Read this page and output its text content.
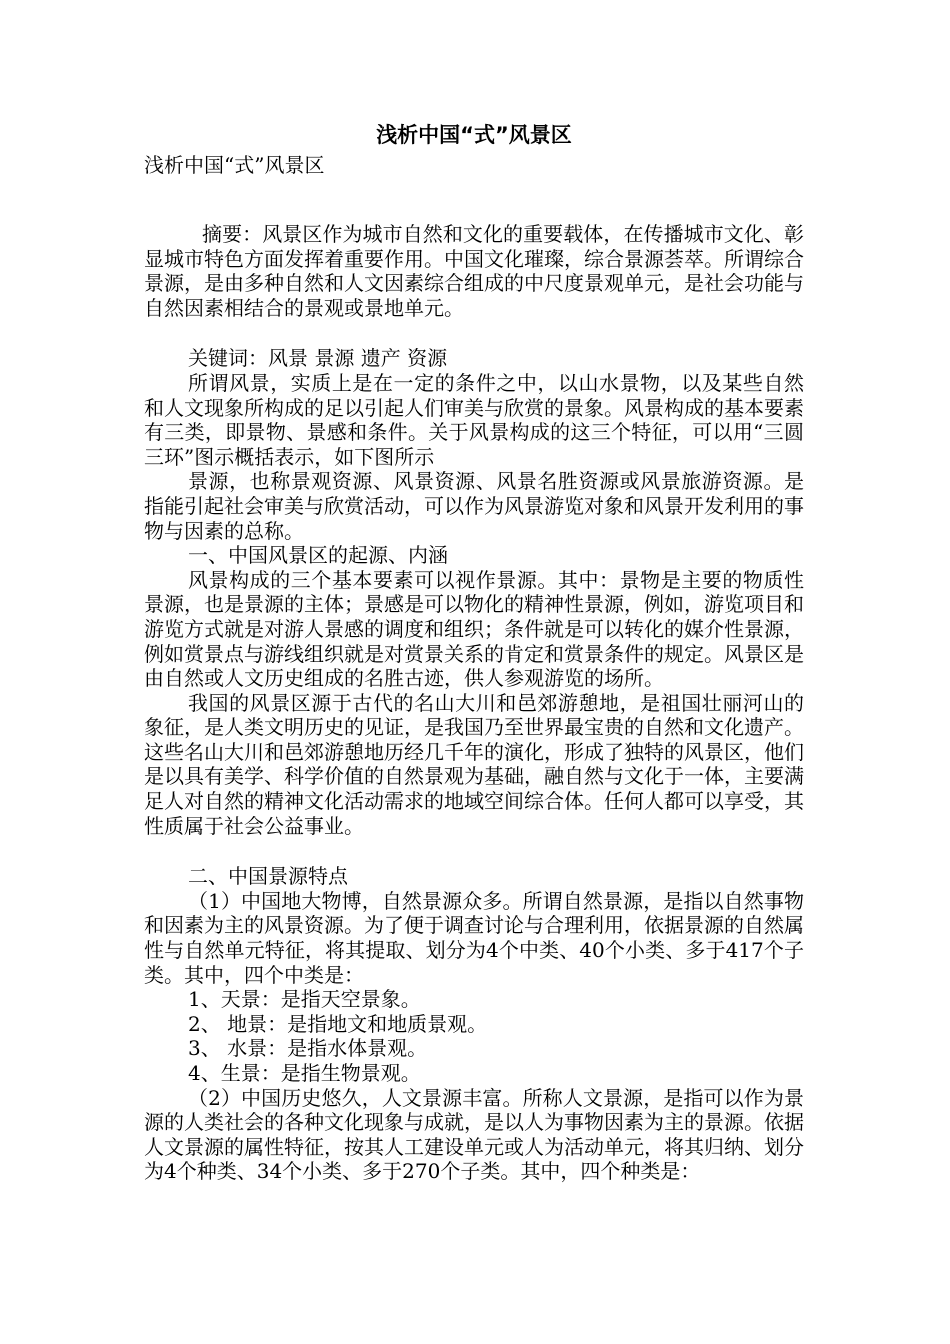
浅析中国“式”风景区
浅析中国“式”风景区

摘要：风景区作为城市自然和文化的重要载体，在传播城市文化、彰显城市特色方面发挥着重要作用。中国文化璀璨，综合景源荟萃。所谓综合景源，是由多种自然和人文因素综合组成的中尺度景观单元，是社会功能与自然因素相结合的景观或景地单元。

关键词：风景 景源 遗产 资源

所谓风景，实质上是在一定的条件之中，以山水景物，以及某些自然和人文现象所构成的足以引起人们审美与欣赏的景象。风景构成的基本要素有三类，即景物、景感和条件。关于风景构成的这三个特征，可以用“三圆三环”图示概括表示，如下图所示

景源，也称景观资源、风景资源、风景名胜资源或风景旅游资源。是指能引起社会审美与欣赏活动，可以作为风景游览对象和风景开发利用的事物与因素的总称。

一、中国风景区的起源、内涵

风景构成的三个基本要素可以视作景源。其中：景物是主要的物质性景源，也是景源的主体；景感是可以物化的精神性景源，例如，游览项目和游览方式就是对游人景感的调度和组织；条件就是可以转化的媒介性景源，例如赏景点与游线组织就是对赏景关系的肯定和赏景条件的规定。风景区是由自然或人文历史组成的名胜古迹，供人参观游览的场所。

我国的风景区源于古代的名山大川和邑郊游憩地，是祖国壮丽河山的象征，是人类文明历史的见证，是我国乃至世界最宝贵的自然和文化遗产。这些名山大川和邑郊游憩地历经几千年的演化，形成了独特的风景区，他们是以具有美学、科学价值的自然景观为基础，融自然与文化于一体，主要满足人对自然的精神文化活动需求的地域空间综合体。任何人都可以享受，其性质属于社会公益事业。

二、中国景源特点

（1）中国地大物博，自然景源众多。所谓自然景源，是指以自然事物和因素为主的风景资源。为了便于调查讨论与合理利用，依据景源的自然属性与自然单元特征，将其提取、划分为4个中类、40个小类、多于417个子类。其中，四个中类是：

1、天景：是指天空景象。

2、 地景：是指地文和地质景观。

3、 水景：是指水体景观。

4、生景：是指生物景观。

（2）中国历史悠久，人文景源丰富。所称人文景源，是指可以作为景源的人类社会的各种文化现象与成就，是以人为事物因素为主的景源。依据人文景源的属性特征，按其人工建设单元或人为活动单元，将其归纳、划分为4个种类、34个小类、多于270个子类。其中，四个种类是：
